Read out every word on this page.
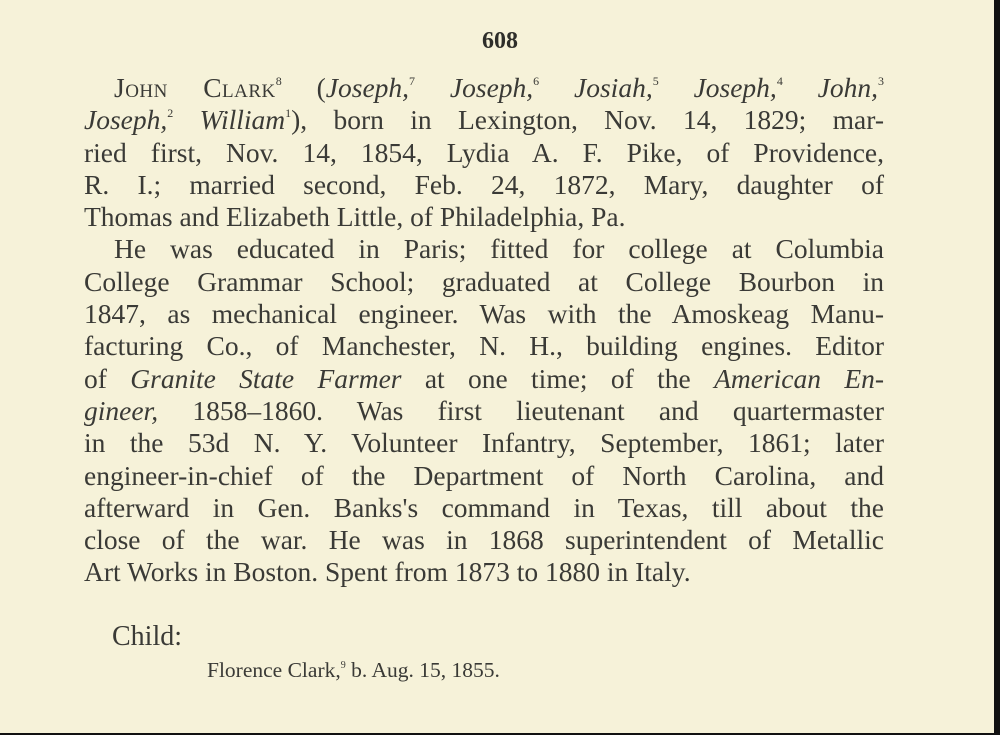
608
John Clark$^8$ (Joseph,$^7$ Joseph,$^6$ Josiah,$^5$ Joseph,$^4$ John,$^3$
Joseph,$^2$ William$^1$), born in Lexington, Nov. 14, 1829; mar-
ried first, Nov. 14, 1854, Lydia A. F. Pike, of Providence,
R. I.; married second, Feb. 24, 1872, Mary, daughter of
Thomas and Elizabeth Little, of Philadelphia, Pa.
He was educated in Paris; fitted for college at Columbia
College Grammar School; graduated at College Bourbon in
1847, as mechanical engineer. Was with the Amoskeag Manu-
facturing Co., of Manchester, N. H., building engines. Editor
of Granite State Farmer at one time; of the American En-
gineer, 1858–1860. Was first lieutenant and quartermaster
in the 53d N. Y. Volunteer Infantry, September, 1861; later
engineer-in-chief of the Department of North Carolina, and
afterward in Gen. Banks's command in Texas, till about the
close of the war. He was in 1868 superintendent of Metallic
Art Works in Boston. Spent from 1873 to 1880 in Italy.
Child:
Florence Clark,$^9$ b. Aug. 15, 1855.
